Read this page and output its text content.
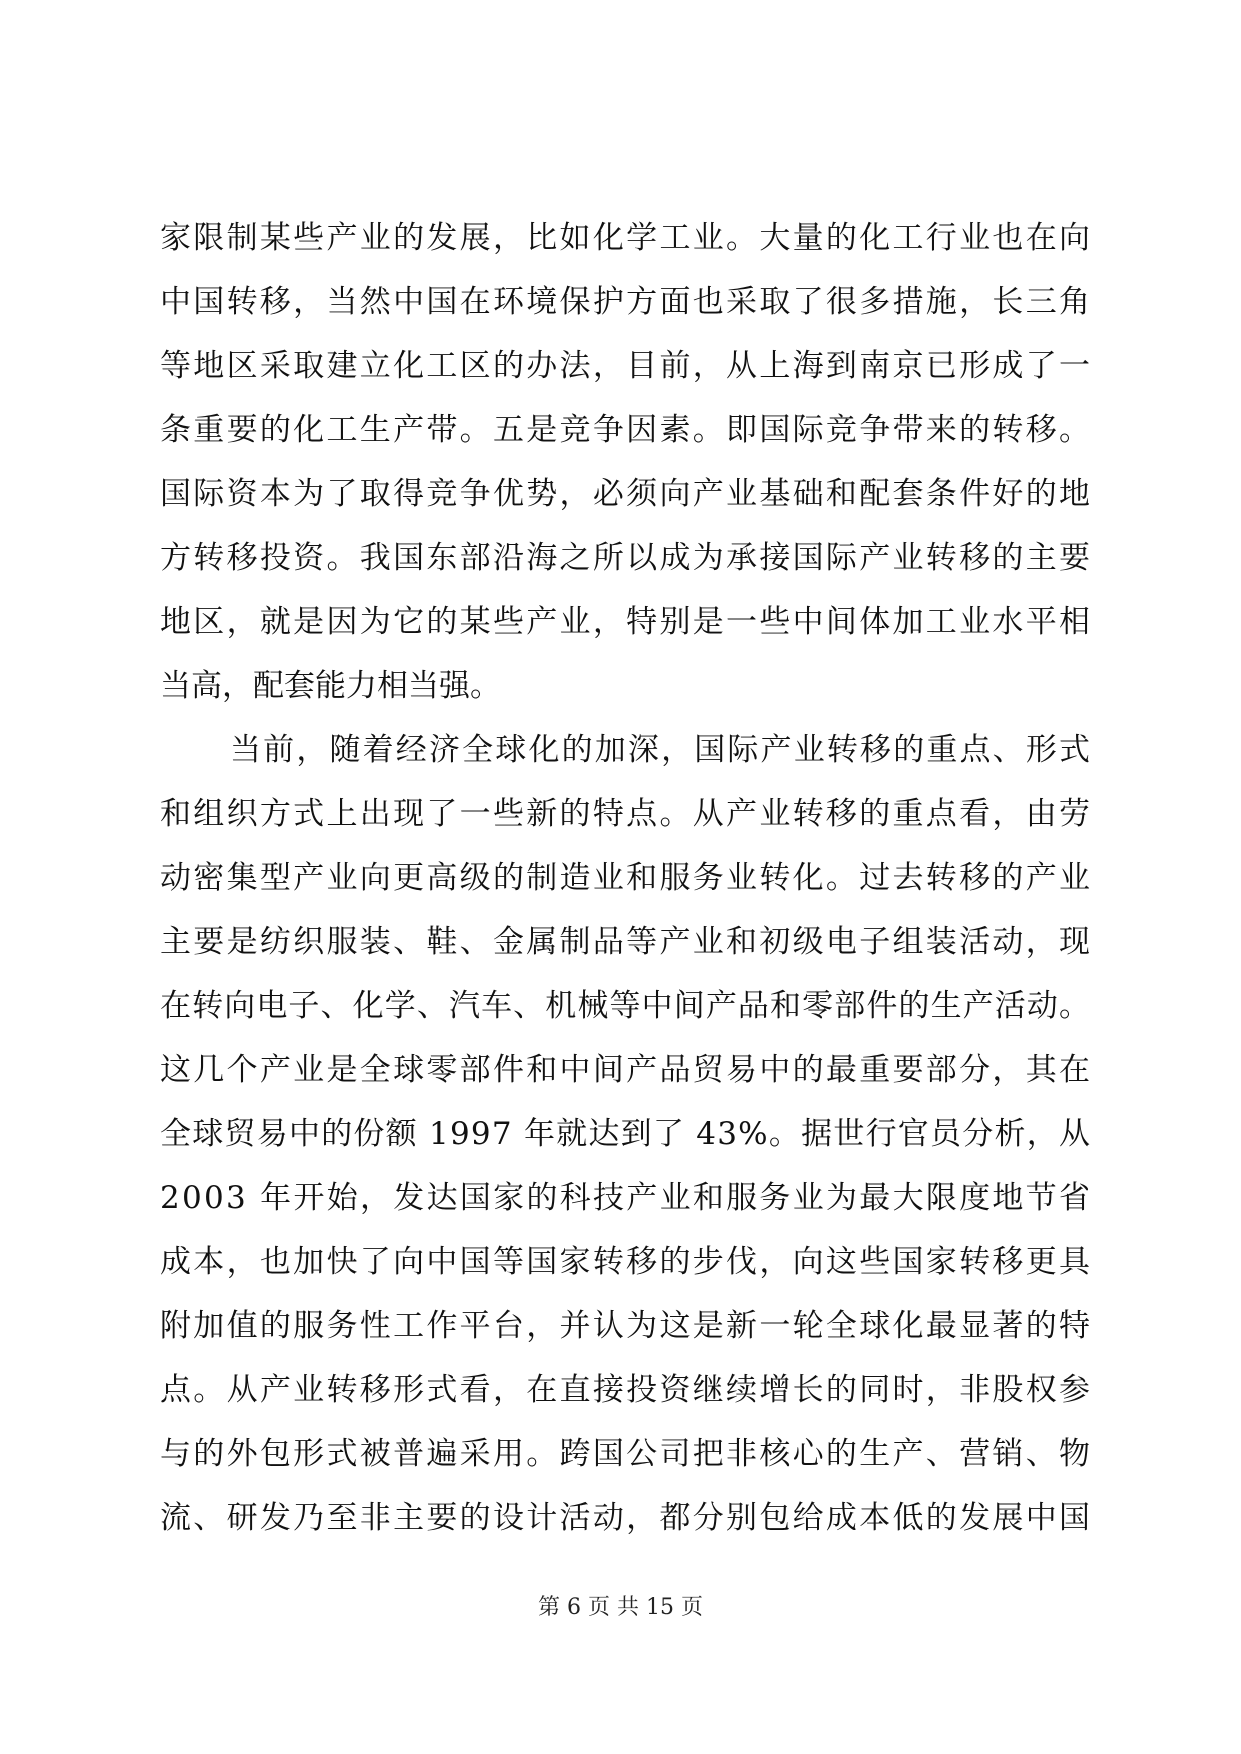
家限制某些产业的发展，比如化学工业。大量的化工行业也在向
中国转移，当然中国在环境保护方面也采取了很多措施，长三角
等地区采取建立化工区的办法，目前，从上海到南京已形成了一
条重要的化工生产带。五是竞争因素。即国际竞争带来的转移。
国际资本为了取得竞争优势，必须向产业基础和配套条件好的地
方转移投资。我国东部沿海之所以成为承接国际产业转移的主要
地区，就是因为它的某些产业，特别是一些中间体加工业水平相
当高，配套能力相当强。
当前，随着经济全球化的加深，国际产业转移的重点、形式
和组织方式上出现了一些新的特点。从产业转移的重点看，由劳
动密集型产业向更高级的制造业和服务业转化。过去转移的产业
主要是纺织服装、鞋、金属制品等产业和初级电子组装活动，现
在转向电子、化学、汽车、机械等中间产品和零部件的生产活动。
这几个产业是全球零部件和中间产品贸易中的最重要部分，其在
全球贸易中的份额 1997 年就达到了 43%。据世行官员分析，从
2003 年开始，发达国家的科技产业和服务业为最大限度地节省
成本，也加快了向中国等国家转移的步伐，向这些国家转移更具
附加值的服务性工作平台，并认为这是新一轮全球化最显著的特
点。从产业转移形式看，在直接投资继续增长的同时，非股权参
与的外包形式被普遍采用。跨国公司把非核心的生产、营销、物
流、研发乃至非主要的设计活动，都分别包给成本低的发展中国
第 6 页 共 15 页
